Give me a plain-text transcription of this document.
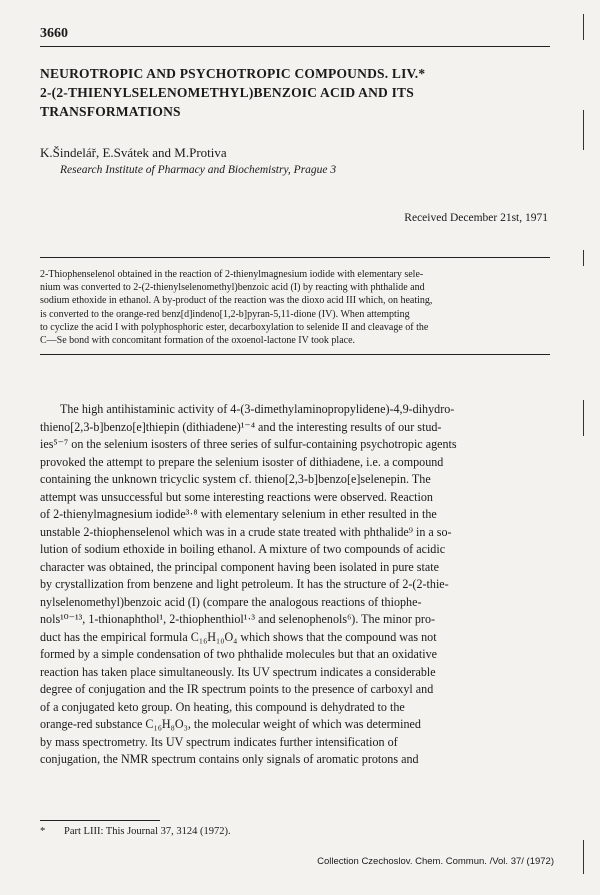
3660
NEUROTROPIC AND PSYCHOTROPIC COMPOUNDS. LIV.*
2-(2-THIENYLSELENOMETHYL)BENZOIC ACID AND ITS
TRANSFORMATIONS
K.Šindelář, E.Svátek and M.Protiva
Research Institute of Pharmacy and Biochemistry, Prague 3
Received December 21st, 1971
2-Thiophenselenol obtained in the reaction of 2-thienylmagnesium iodide with elementary sele-
nium was converted to 2-(2-thienylselenomethyl)benzoic acid (I) by reacting with phthalide and
sodium ethoxide in ethanol. A by-product of the reaction was the dioxo acid III which, on heating,
is converted to the orange-red benz[d]indeno[1,2-b]pyran-5,11-dione (IV). When attempting
to cyclize the acid I with polyphosphoric ester, decarboxylation to selenide II and cleavage of the
C—Se bond with concomitant formation of the oxoenol-lactone IV took place.
The high antihistaminic activity of 4-(3-dimethylaminopropylidene)-4,9-dihydro-
thieno[2,3-b]benzo[e]thiepin (dithiadene)¹⁻⁴ and the interesting results of our stud-
ies⁵⁻⁷ on the selenium isosters of three series of sulfur-containing psychotropic agents
provoked the attempt to prepare the selenium isoster of dithiadene, i.e. a compound
containing the unknown tricyclic system cf. thieno[2,3-b]benzo[e]selenepin. The
attempt was unsuccessful but some interesting reactions were observed. Reaction
of 2-thienylmagnesium iodide³·⁸ with elementary selenium in ether resulted in the
unstable 2-thiophenselenol which was in a crude state treated with phthalide⁹ in a so-
lution of sodium ethoxide in boiling ethanol. A mixture of two compounds of acidic
character was obtained, the principal component having been isolated in pure state
by crystallization from benzene and light petroleum. It has the structure of 2-(2-thie-
nylselenomethyl)benzoic acid (I) (compare the analogous reactions of thiophe-
nols¹⁰⁻¹³, 1-thionaphthol¹, 2-thiophenthiol¹·³ and selenophenols⁶). The minor pro-
duct has the empirical formula C₁₆H₁₀O₄ which shows that the compound was not
formed by a simple condensation of two phthalide molecules but that an oxidative
reaction has taken place simultaneously. Its UV spectrum indicates a considerable
degree of conjugation and the IR spectrum points to the presence of carboxyl and
of a conjugated keto group. On heating, this compound is dehydrated to the
orange-red substance C₁₆H₈O₃, the molecular weight of which was determined
by mass spectrometry. Its UV spectrum indicates further intensification of
conjugation, the NMR spectrum contains only signals of aromatic protons and
* Part LIII: This Journal 37, 3124 (1972).
Collection Czechoslov. Chem. Commun. /Vol. 37/ (1972)
